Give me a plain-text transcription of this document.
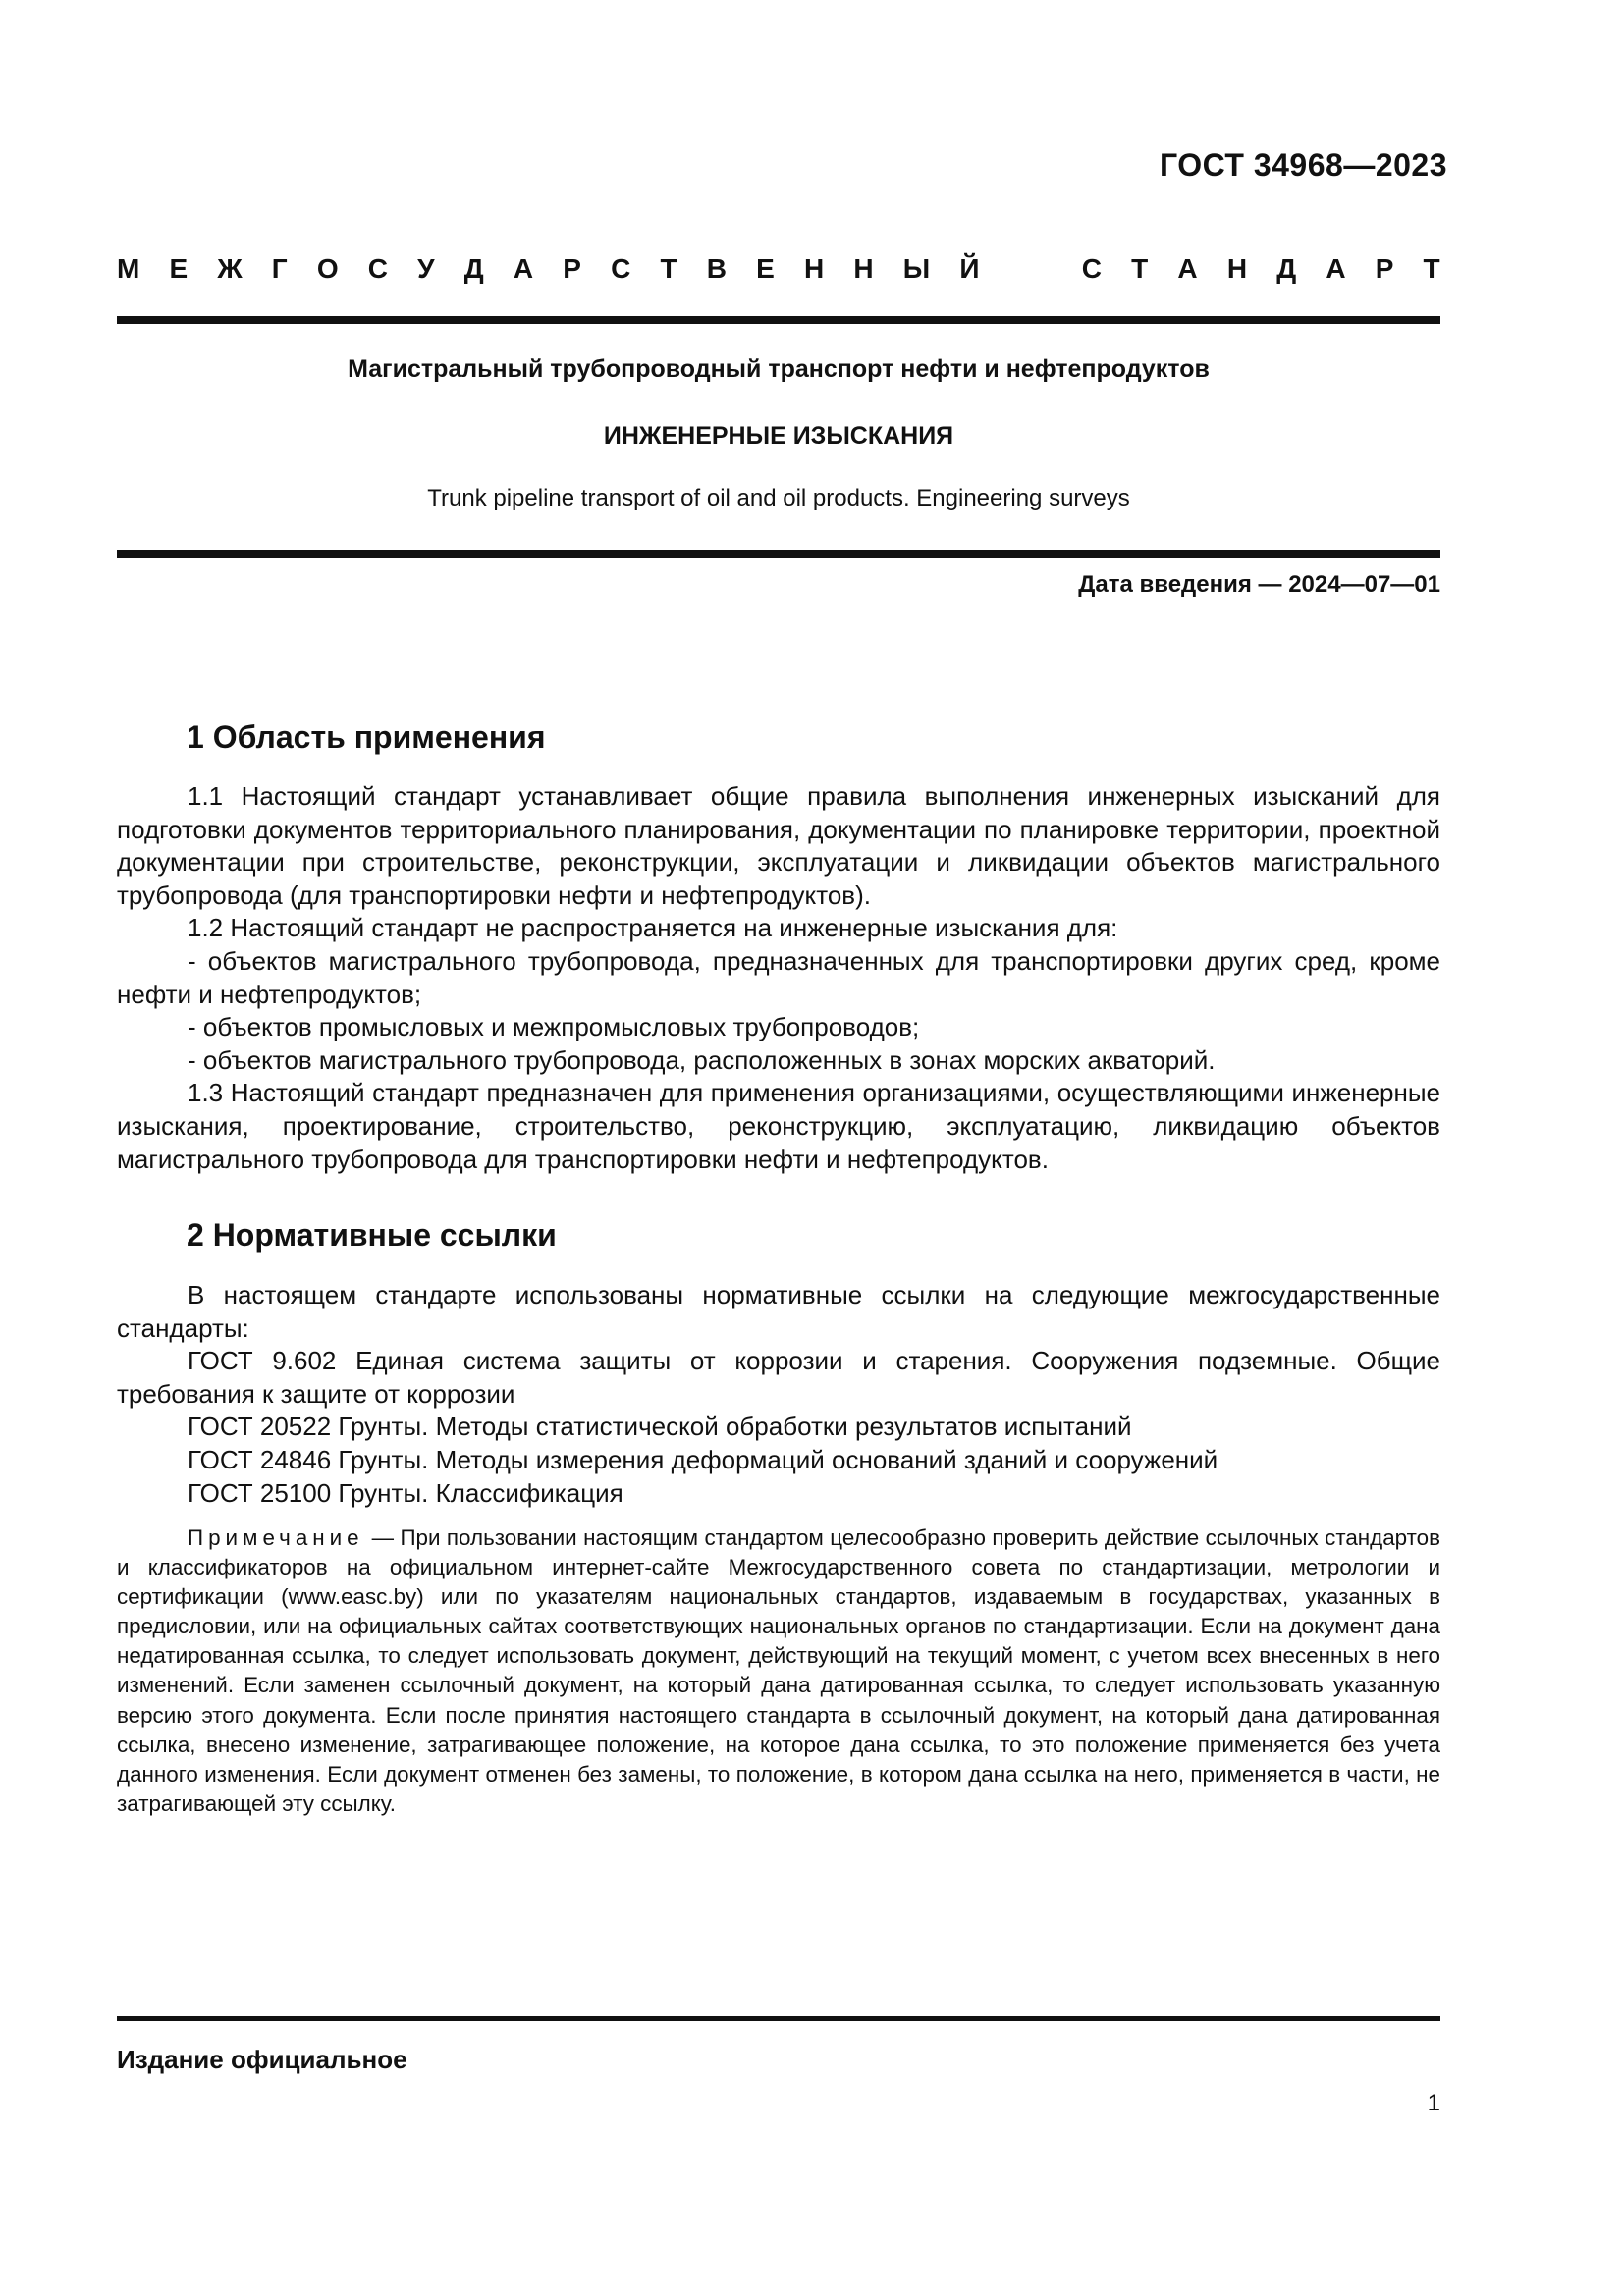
ГОСТ 34968—2023
М Е Ж Г О С У Д А Р С Т В Е Н Н Ы Й	С Т А Н Д А Р Т
Магистральный трубопроводный транспорт нефти и нефтепродуктов
ИНЖЕНЕРНЫЕ ИЗЫСКАНИЯ
Trunk pipeline transport of oil and oil products. Engineering surveys
Дата введения — 2024—07—01
1 Область применения

1.1 Настоящий стандарт устанавливает общие правила выполнения инженерных изысканий для подготовки документов территориального планирования, документации по планировке территории, проектной документации при строительстве, реконструкции, эксплуатации и ликвидации объектов магистрального трубопровода (для транспортировки нефти и нефтепродуктов).

1.2 Настоящий стандарт не распространяется на инженерные изыскания для:

- объектов магистрального трубопровода, предназначенных для транспортировки других сред, кроме нефти и нефтепродуктов;

- объектов промысловых и межпромысловых трубопроводов;

- объектов магистрального трубопровода, расположенных в зонах морских акваторий.

1.3 Настоящий стандарт предназначен для применения организациями, осуществляющими инженерные изыскания, проектирование, строительство, реконструкцию, эксплуатацию, ликвидацию объектов магистрального трубопровода для транспортировки нефти и нефтепродуктов.

2 Нормативные ссылки

В настоящем стандарте использованы нормативные ссылки на следующие межгосударственные стандарты:

ГОСТ 9.602 Единая система защиты от коррозии и старения. Сооружения подземные. Общие требования к защите от коррозии

ГОСТ 20522 Грунты. Методы статистической обработки результатов испытаний

ГОСТ 24846 Грунты. Методы измерения деформаций оснований зданий и сооружений

ГОСТ 25100 Грунты. Классификация

Примечание — При пользовании настоящим стандартом целесообразно проверить действие ссылочных стандартов и классификаторов на официальном интернет-сайте Межгосударственного совета по стандартизации, метрологии и сертификации (www.easc.by) или по указателям национальных стандартов, издаваемым в государствах, указанных в предисловии, или на официальных сайтах соответствующих национальных органов по стандартизации. Если на документ дана недатированная ссылка, то следует использовать документ, действующий на текущий момент, с учетом всех внесенных в него изменений. Если заменен ссылочный документ, на который дана датированная ссылка, то следует использовать указанную версию этого документа. Если после принятия настоящего стандарта в ссылочный документ, на который дана датированная ссылка, внесено изменение, затрагивающее положение, на которое дана ссылка, то это положение применяется без учета данного изменения. Если документ отменен без замены, то положение, в котором дана ссылка на него, применяется в части, не затрагивающей эту ссылку.

Издание официальное
1
